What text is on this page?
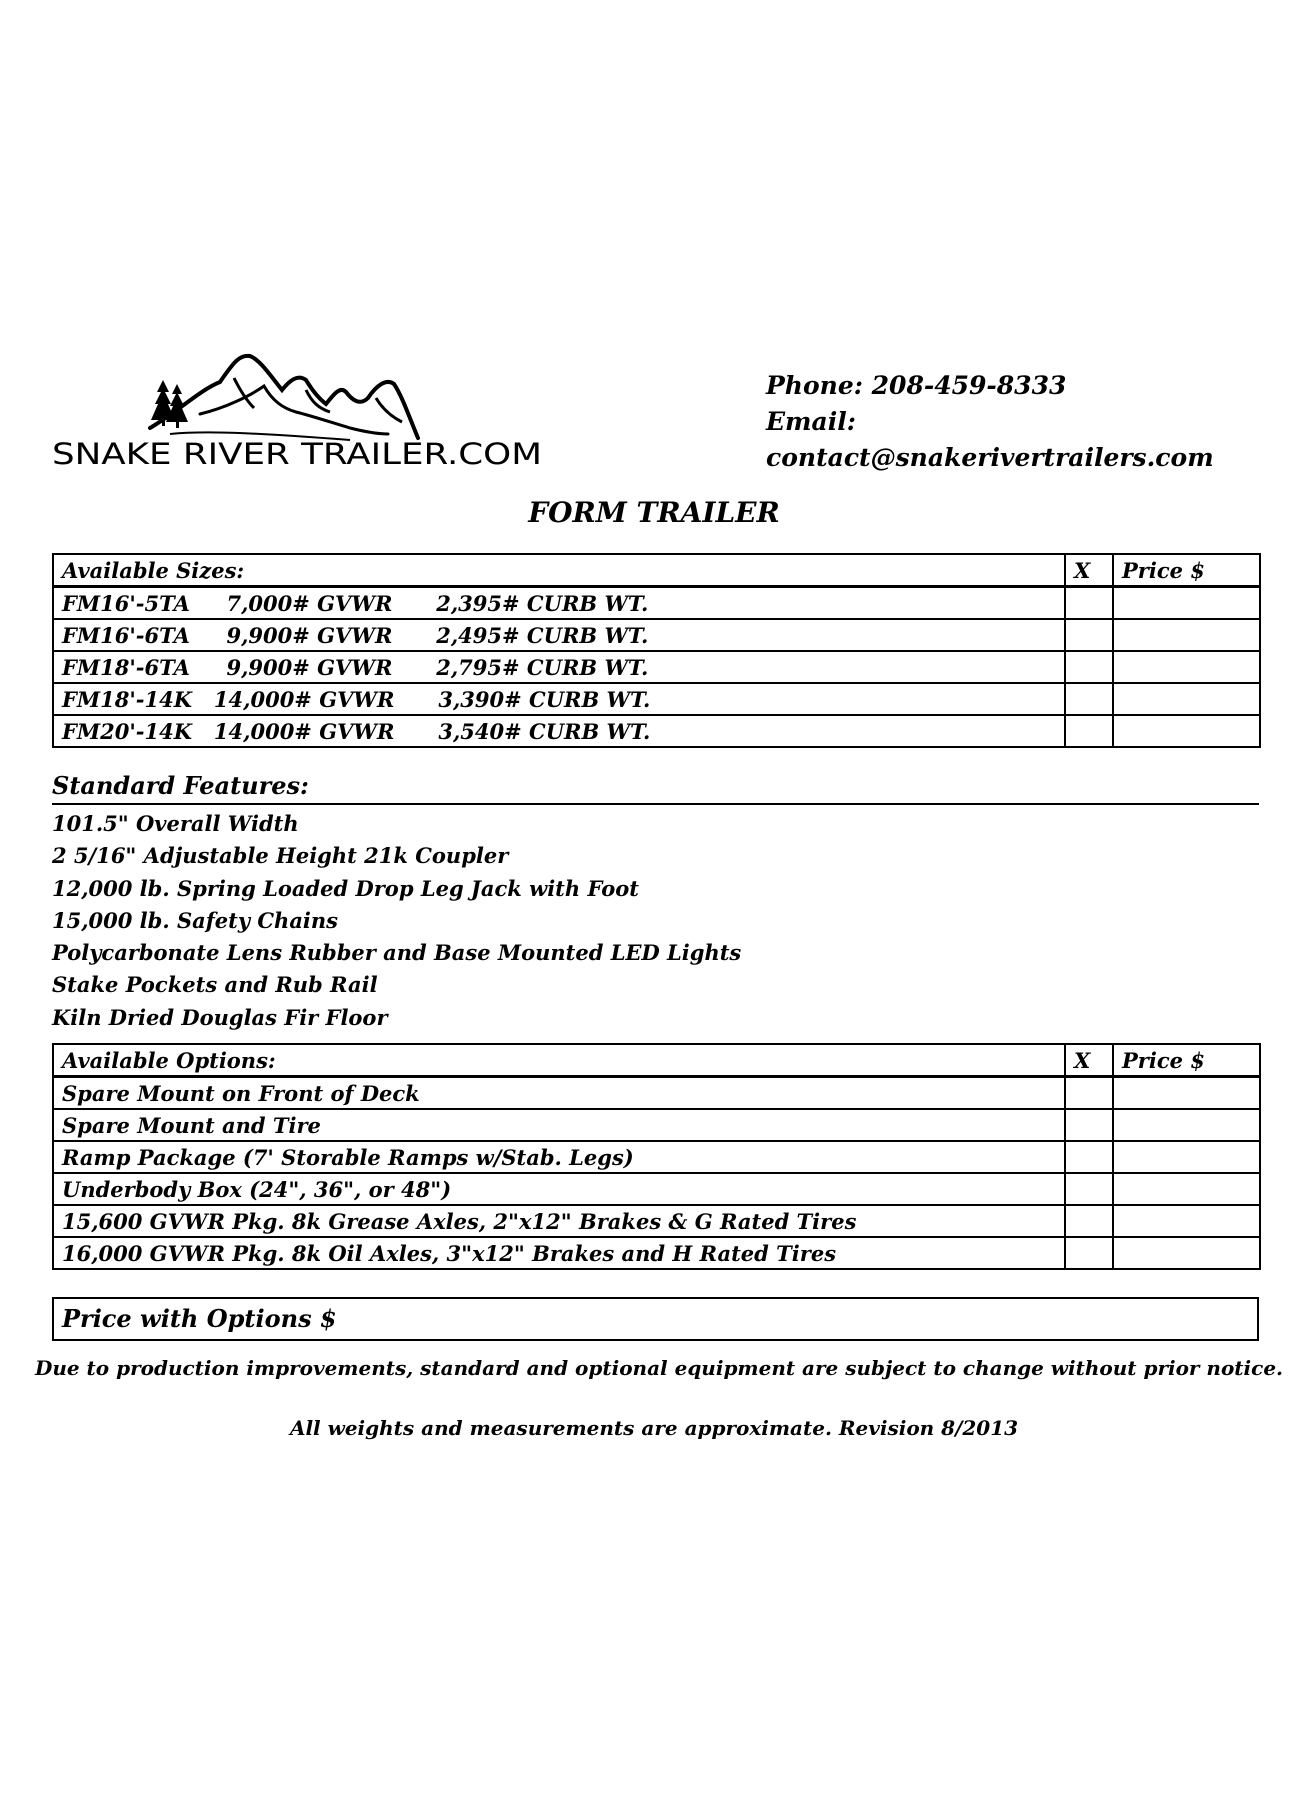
SNAKE RIVER TRAILER.COM
Phone: 208-459-8333
Email: contact@snakerivertrailers.com
FORM TRAILER
Available Sizes:	X	Price $
FM16'-5TA     7,000# GVWR      2,395# CURB WT.		
FM16'-6TA     9,900# GVWR      2,495# CURB WT.		
FM18'-6TA     9,900# GVWR      2,795# CURB WT.		
FM18'-14K   14,000# GVWR      3,390# CURB WT.		
FM20'-14K   14,000# GVWR      3,540# CURB WT.		
Standard Features:
101.5" Overall Width
2 5/16" Adjustable Height 21k Coupler
12,000 lb. Spring Loaded Drop Leg Jack with Foot
15,000 lb. Safety Chains
Polycarbonate Lens Rubber and Base Mounted LED Lights
Stake Pockets and Rub Rail
Kiln Dried Douglas Fir Floor
Available Options:	X	Price $
Spare Mount on Front of Deck		
Spare Mount and Tire		
Ramp Package (7' Storable Ramps w/Stab. Legs)		
Underbody Box (24", 36", or 48")		
15,600 GVWR Pkg. 8k Grease Axles, 2"x12" Brakes & G Rated Tires		
16,000 GVWR Pkg. 8k Oil Axles, 3"x12" Brakes and H Rated Tires		
Price with Options $
Due to production improvements, standard and optional equipment are subject to change without prior notice.
All weights and measurements are approximate. Revision 8/2013
